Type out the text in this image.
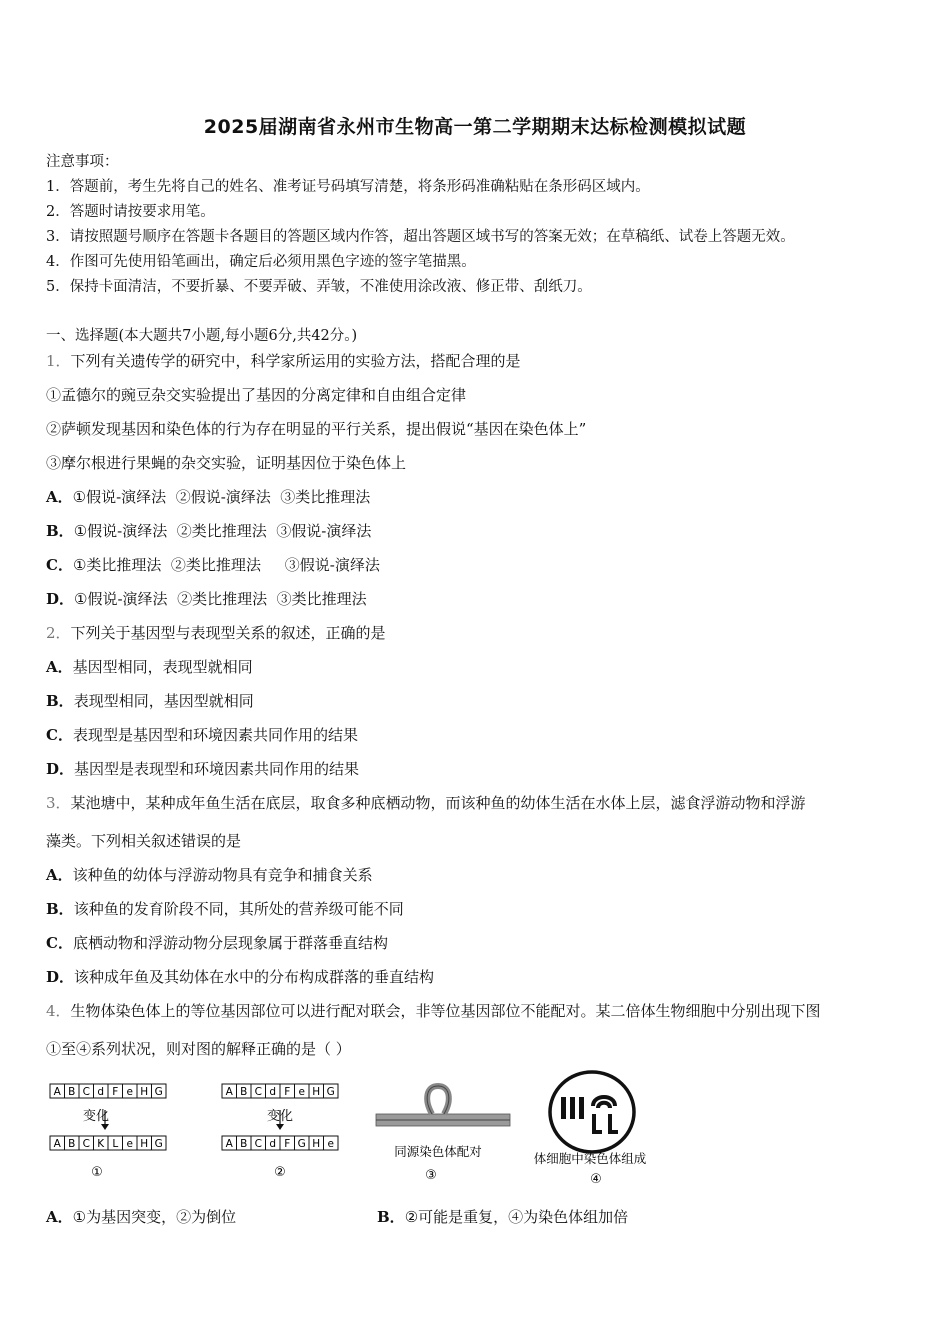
2025届湖南省永州市生物高一第二学期期末达标检测模拟试题
注意事项：
1．答题前，考生先将自己的姓名、准考证号码填写清楚，将条形码准确粘贴在条形码区域内。
2．答题时请按要求用笔。
3．请按照题号顺序在答题卡各题目的答题区域内作答，超出答题区域书写的答案无效；在草稿纸、试卷上答题无效。
4．作图可先使用铅笔画出，确定后必须用黑色字迹的签字笔描黑。
5．保持卡面清洁，不要折暴、不要弄破、弄皱，不准使用涂改液、修正带、刮纸刀。
一、选择题(本大题共7小题,每小题6分,共42分。)
1．下列有关遗传学的研究中，科学家所运用的实验方法，搭配合理的是
①孟德尔的豌豆杂交实验提出了基因的分离定律和自由组合定律
②萨顿发现基因和染色体的行为存在明显的平行关系，提出假说“基因在染色体上”
③摩尔根进行果蝇的杂交实验，证明基因位于染色体上
A．①假说-演绎法  ②假说-演绎法  ③类比推理法
B．①假说-演绎法  ②类比推理法  ③假说-演绎法
C．①类比推理法  ②类比推理法     ③假说-演绎法
D．①假说-演绎法  ②类比推理法  ③类比推理法
2．下列关于基因型与表现型关系的叙述，正确的是
A．基因型相同，表现型就相同
B．表现型相同，基因型就相同
C．表现型是基因型和环境因素共同作用的结果
D．基因型是表现型和环境因素共同作用的结果
3．某池塘中，某种成年鱼生活在底层，取食多种底栖动物，而该种鱼的幼体生活在水体上层，滤食浮游动物和浮游
藻类。下列相关叙述错误的是
A．该种鱼的幼体与浮游动物具有竞争和捕食关系
B．该种鱼的发育阶段不同，其所处的营养级可能不同
C．底栖动物和浮游动物分层现象属于群落垂直结构
D．该种成年鱼及其幼体在水中的分布构成群落的垂直结构
4．生物体染色体上的等位基因部位可以进行配对联会，非等位基因部位不能配对。某二倍体生物细胞中分别出现下图
①至④系列状况，则对图的解释正确的是（ ）
A B C d F e H G
变化
A B C K L e H G
①
A B C d F e H G
变化
A B C d F G H e
②
同源染色体配对
③
体细胞中染色体组成
④
A．①为基因突变，②为倒位	B．②可能是重复，④为染色体组加倍
